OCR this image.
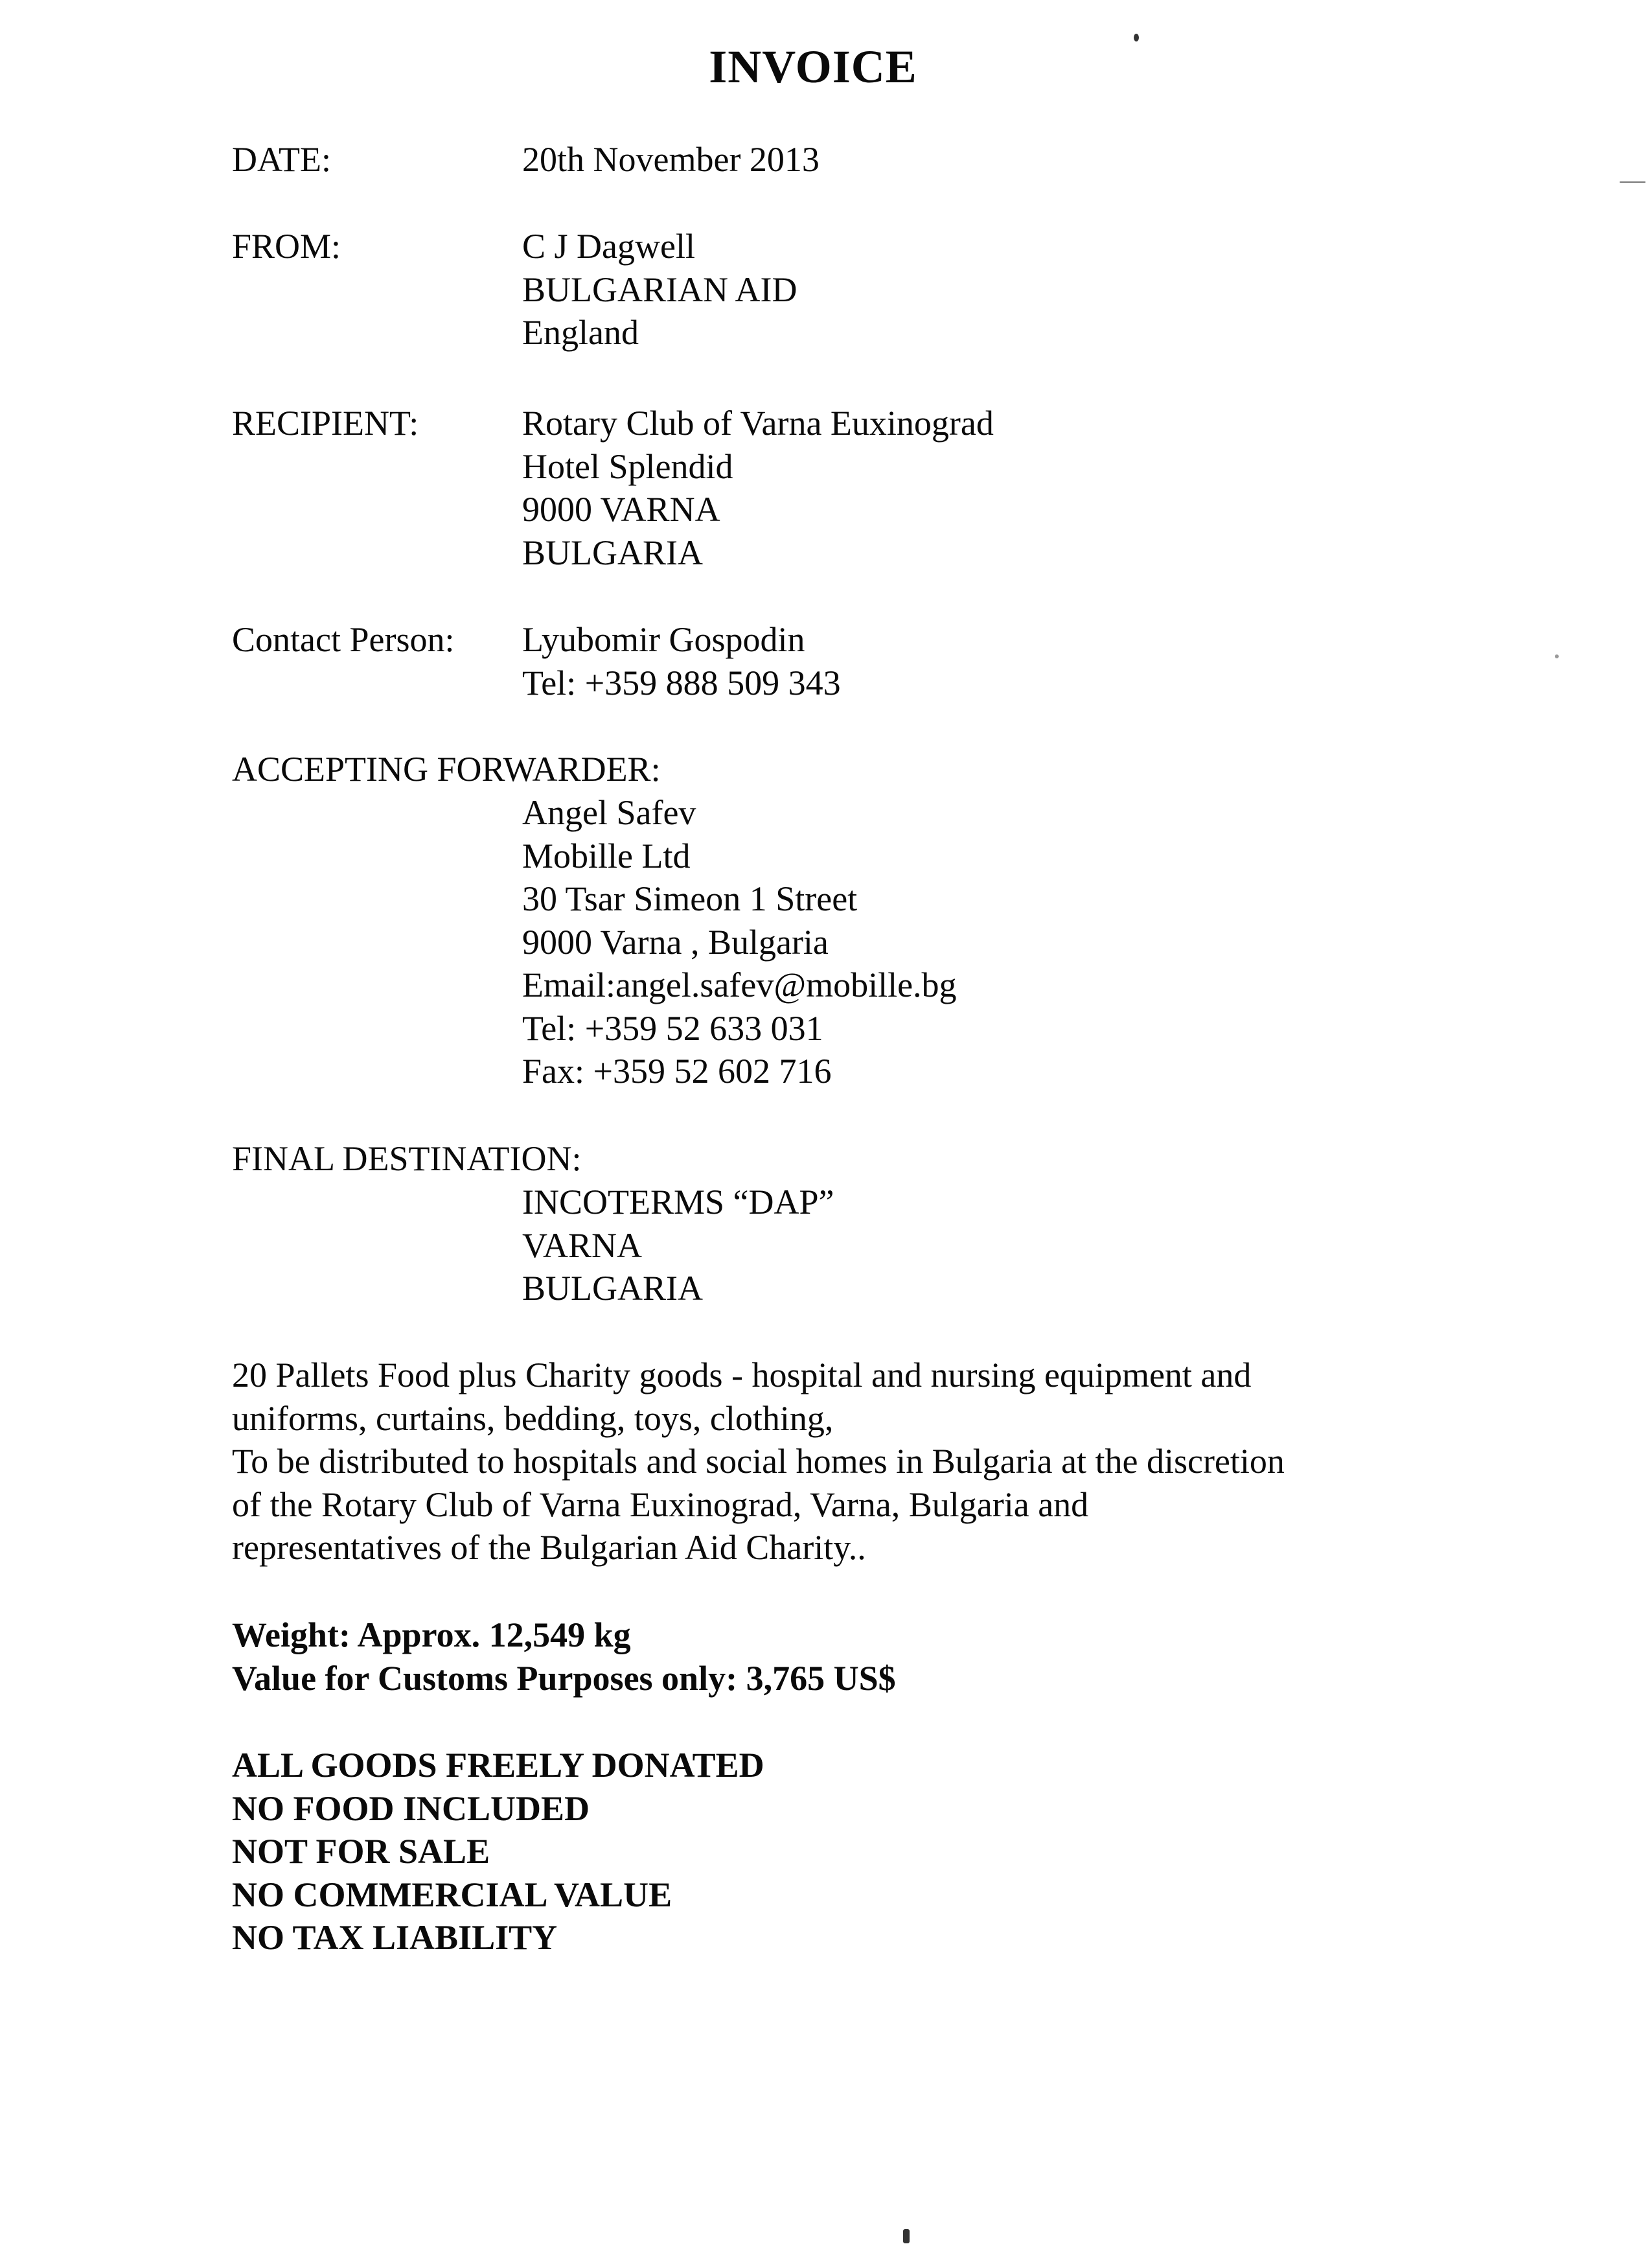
INVOICE
DATE:	20th November 2013
FROM:	C J Dagwell
BULGARIAN AID
England
RECIPIENT:	Rotary Club of Varna Euxinograd
Hotel Splendid
9000 VARNA
BULGARIA
Contact Person: Lyubomir Gospodin
Tel: +359 888 509 343
ACCEPTING FORWARDER:
Angel Safev
Mobille Ltd
30 Tsar Simeon 1 Street
9000 Varna , Bulgaria
Email:angel.safev@mobille.bg
Tel: +359 52 633 031
Fax: +359 52 602 716
FINAL DESTINATION:
INCOTERMS “DAP”
VARNA
BULGARIA
20 Pallets Food plus Charity goods - hospital and nursing equipment and
uniforms, curtains, bedding, toys, clothing,
To be distributed to hospitals and social homes in Bulgaria at the discretion
of the Rotary Club of Varna Euxinograd, Varna, Bulgaria and
representatives of the Bulgarian Aid Charity..
Weight: Approx. 12,549 kg
Value for Customs Purposes only: 3,765 US$
ALL GOODS FREELY DONATED
NO FOOD INCLUDED
NOT FOR SALE
NO COMMERCIAL VALUE
NO TAX LIABILITY
